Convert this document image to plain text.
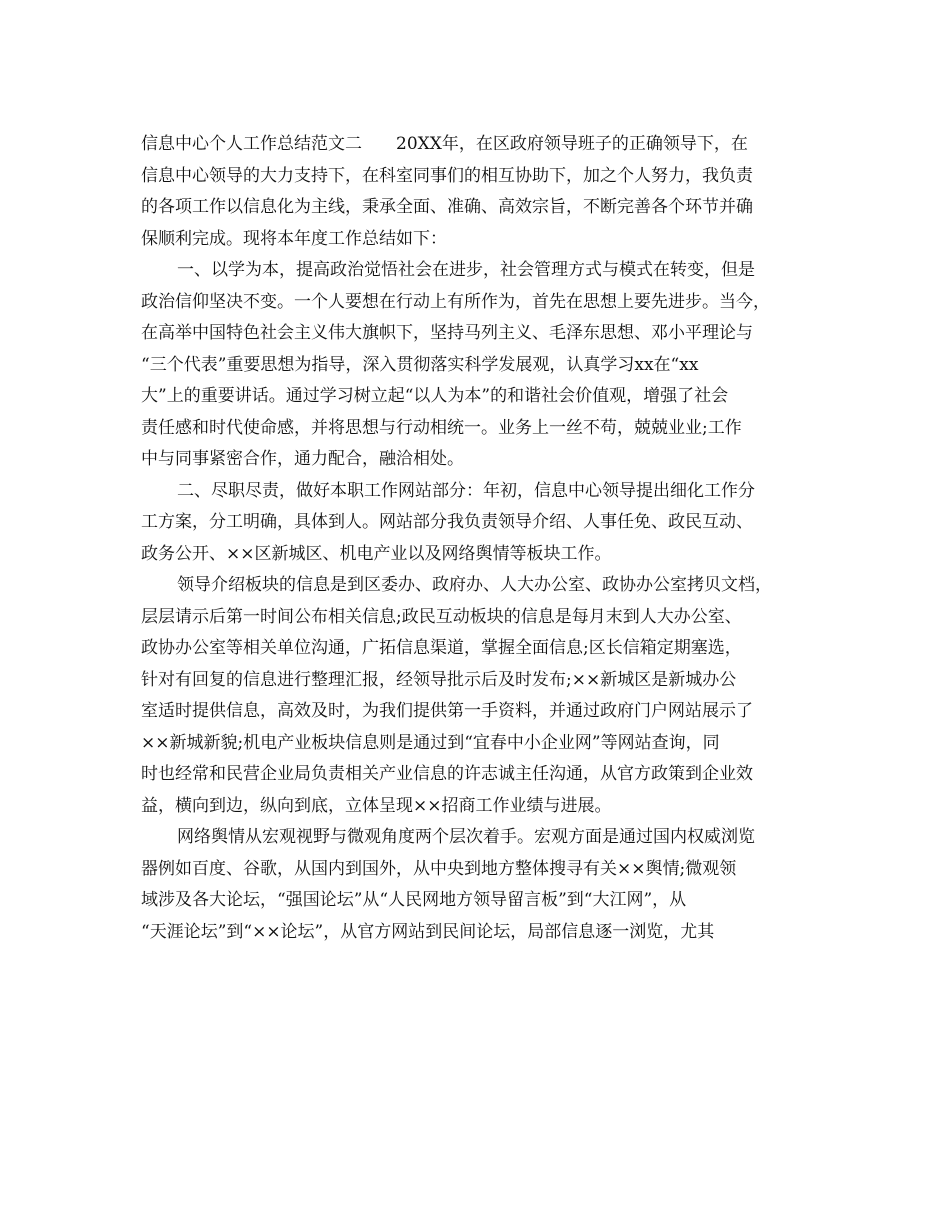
信息中心个人工作总结范文二　　20XX年，在区政府领导班子的正确领导下，在
信息中心领导的大力支持下，在科室同事们的相互协助下，加之个人努力，我负责
的各项工作以信息化为主线，秉承全面、准确、高效宗旨，不断完善各个环节并确
保顺利完成。现将本年度工作总结如下：
一、以学为本，提高政治觉悟社会在进步，社会管理方式与模式在转变，但是
政治信仰坚决不变。一个人要想在行动上有所作为，首先在思想上要先进步。当今，
在高举中国特色社会主义伟大旗帜下，坚持马列主义、毛泽东思想、邓小平理论与
“三个代表”重要思想为指导，深入贯彻落实科学发展观，认真学习xx在“xx
大”上的重要讲话。通过学习树立起“以人为本”的和谐社会价值观，增强了社会
责任感和时代使命感，并将思想与行动相统一。业务上一丝不苟，兢兢业业;工作
中与同事紧密合作，通力配合，融洽相处。
二、尽职尽责，做好本职工作网站部分：年初，信息中心领导提出细化工作分
工方案，分工明确，具体到人。网站部分我负责领导介绍、人事任免、政民互动、
政务公开、××区新城区、机电产业以及网络舆情等板块工作。
领导介绍板块的信息是到区委办、政府办、人大办公室、政协办公室拷贝文档，
层层请示后第一时间公布相关信息;政民互动板块的信息是每月末到人大办公室、
政协办公室等相关单位沟通，广拓信息渠道，掌握全面信息;区长信箱定期塞选，
针对有回复的信息进行整理汇报，经领导批示后及时发布;××新城区是新城办公
室适时提供信息，高效及时，为我们提供第一手资料，并通过政府门户网站展示了
××新城新貌;机电产业板块信息则是通过到“宜春中小企业网”等网站查询，同
时也经常和民营企业局负责相关产业信息的许志诚主任沟通，从官方政策到企业效
益，横向到边，纵向到底，立体呈现××招商工作业绩与进展。
网络舆情从宏观视野与微观角度两个层次着手。宏观方面是通过国内权威浏览
器例如百度、谷歌，从国内到国外，从中央到地方整体搜寻有关××舆情;微观领
域涉及各大论坛，“强国论坛”从“人民网地方领导留言板”到“大江网”，从
“天涯论坛”到“××论坛”，从官方网站到民间论坛，局部信息逐一浏览，尤其
